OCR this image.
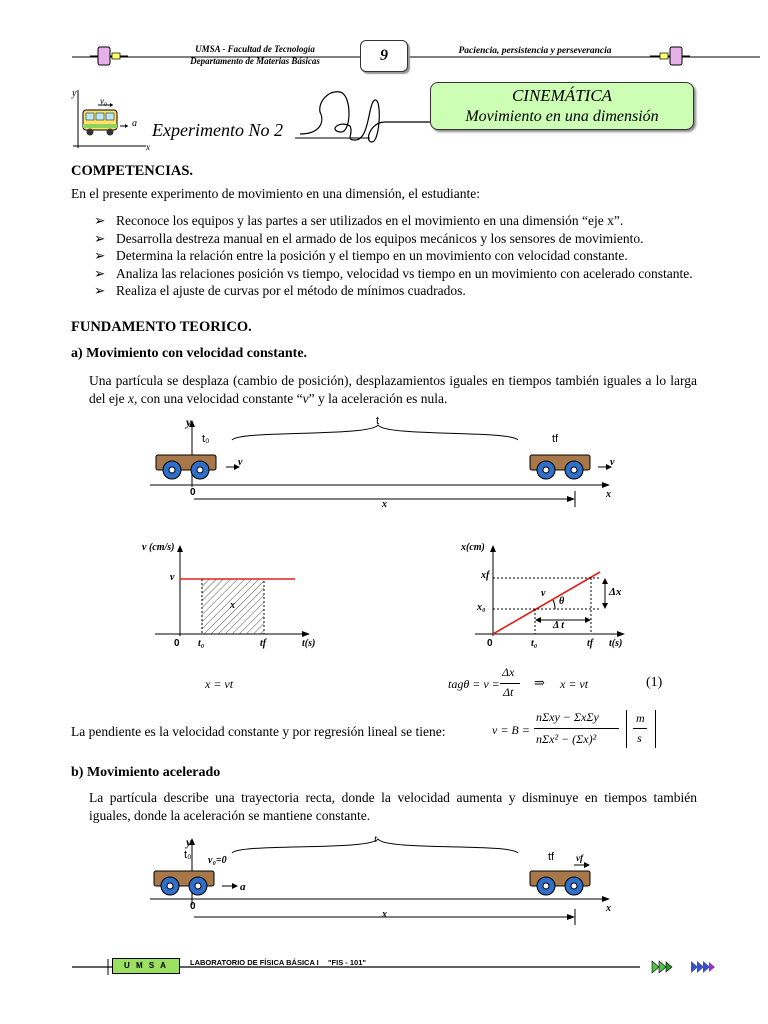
UMSA - Facultad de Tecnología
Departamento de Materias Básicas	9	Paciencia, persistencia y perseverancia
y
v₀
a
x
Experimento No 2
CINEMÁTICA
Movimiento en una dimensión
COMPETENCIAS.
En el presente experimento de movimiento en una dimensión, el estudiante:
➢ Reconoce los equipos y las partes a ser utilizados en el movimiento en una dimensión “eje x”.
➢ Desarrolla destreza manual en el armado de los equipos mecánicos y los sensores de movimiento.
➢ Determina la relación entre la posición y el tiempo en un movimiento con velocidad constante.
➢ Analiza las relaciones posición vs tiempo, velocidad vs tiempo en un movimiento con acelerado constante.
➢ Realiza el ajuste de curvas por el método de mínimos cuadrados.
FUNDAMENTO TEORICO.
a) Movimiento con velocidad constante.
Una partícula se desplaza (cambio de posición), desplazamientos iguales en tiempos también iguales a lo larga del eje x, con una velocidad constante “v” y la aceleración es nula.
y
t₀
t
tf
v	v
0	x
x
v (cm/s)
v
x
0 t₀	tf	t(s)
x(cm)
xf
x₀
v
θ
Δx
Δ t
0	t₀	tf t(s)
x = vt	tagθ = v =
Δx
Δt
⇒ x = vt	(1)
La pendiente es la velocidad constante y por regresión lineal se tiene:	v = B =
nΣxy − ΣxΣy
nΣx² − (Σx)²
m
s
b) Movimiento acelerado
La partícula describe una trayectoria recta, donde la velocidad aumenta y disminuye en tiempos también iguales, donde la aceleración se mantiene constante.
y
t₀ v₀=0
t
tf vf
a
0	x
x
U M S A	LABORATORIO DE FÍSICA BÁSICA I "FIS - 101"
